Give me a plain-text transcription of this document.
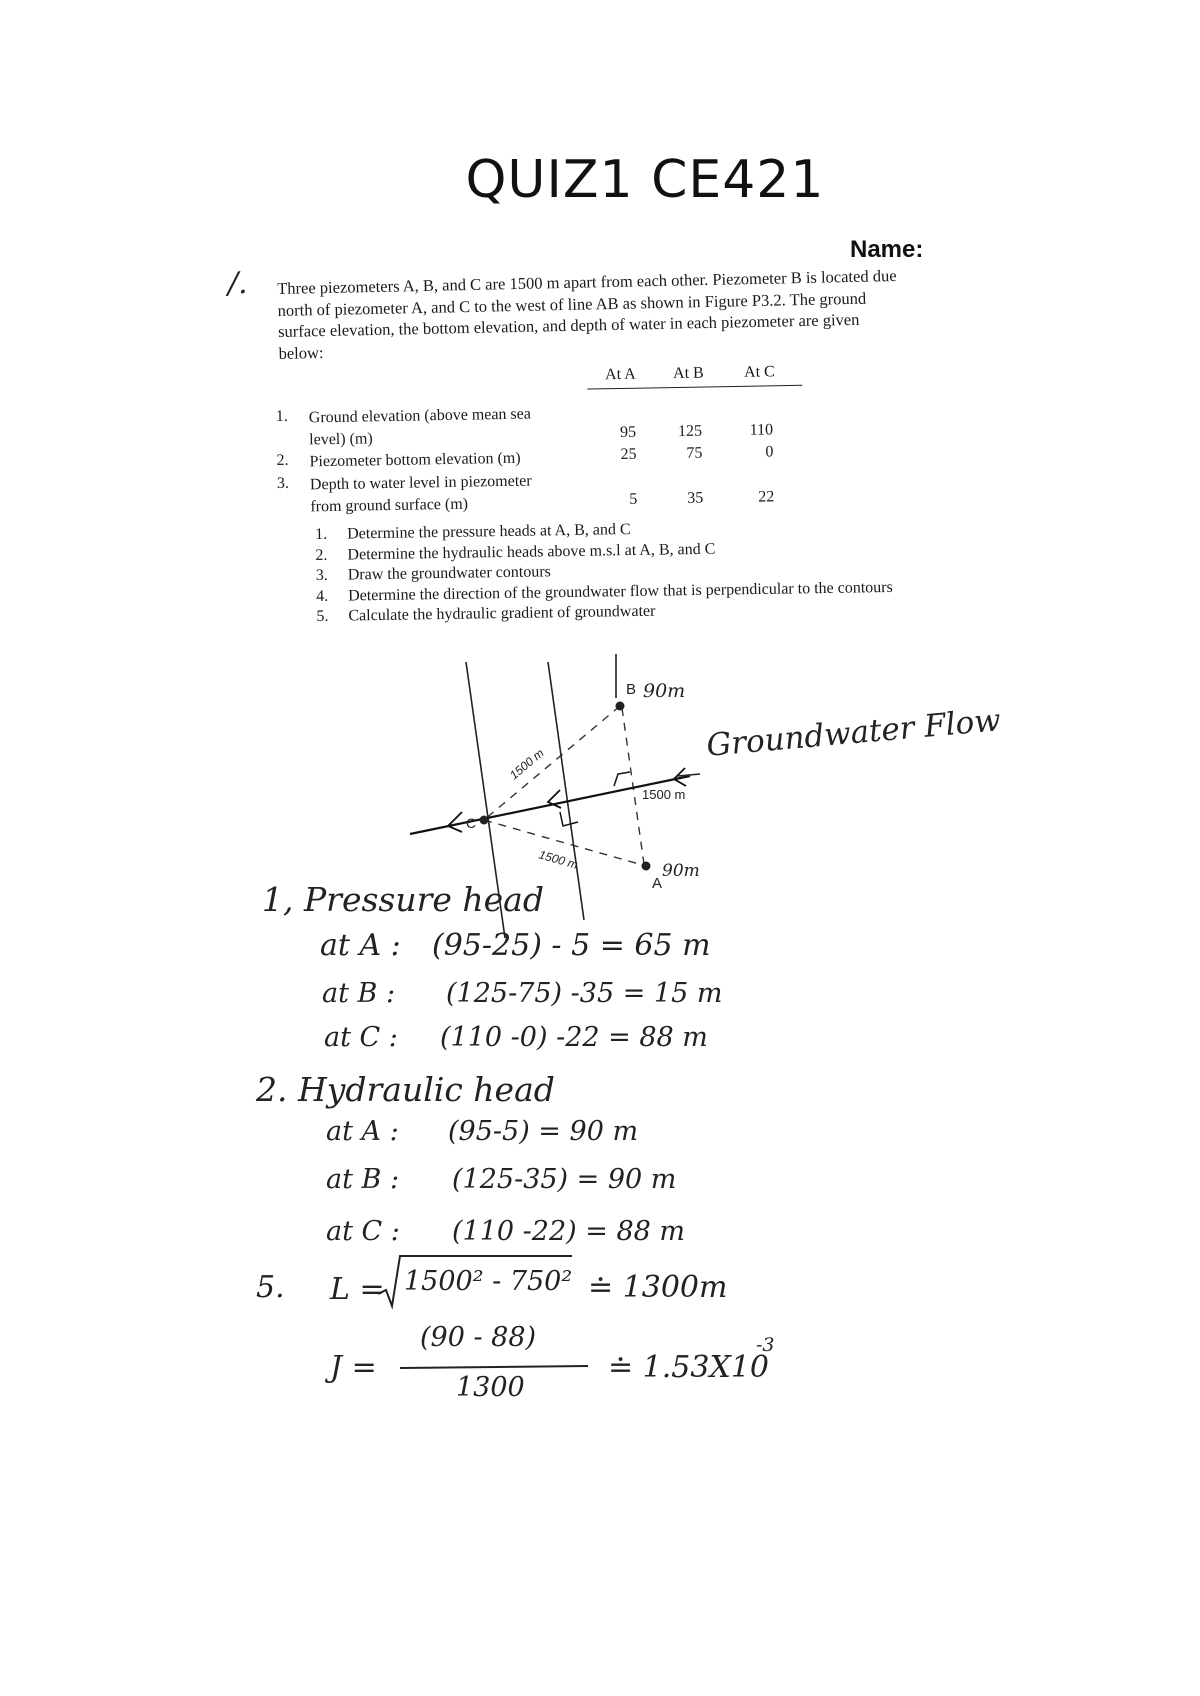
QUIZ1 CE421
Name:
/. Three piezometers A, B, and C are 1500 m apart from each other. Piezometer B is located due north of piezometer A, and C to the west of line AB as shown in Figure P3.2. The ground surface elevation, the bottom elevation, and depth of water in each piezometer are given below:
At A At B	At C
1. Ground elevation (above mean sea level) (m)	95	125	110
2. Piezometer bottom elevation (m)	25	75	0
3. Depth to water level in piezometer from ground surface (m)	5	35	22
1. Determine the pressure heads at A, B, and C
2. Determine the hydraulic heads above m.s.l at A, B, and C
3. Draw the groundwater contours
4. Determine the direction of the groundwater flow that is perpendicular to the contours
5. Calculate the hydraulic gradient of groundwater
B 90m
A
90m
C
1500 m
1500 m
1500 m
Groundwater Flow
1, Pressure head
at A : (95-25) - 5 = 65 m
at B : (125-75) -35 = 15 m
at C : (110 -0) -22 = 88 m
2. Hydraulic head
at A : (95-5) = 90 m
at B : (125-35) = 90 m
at C : (110 -22) = 88 m
5. L = 1500² - 750² ≐ 1300m
J =
(90 - 88)
1300
≐ 1.53X10
-3
